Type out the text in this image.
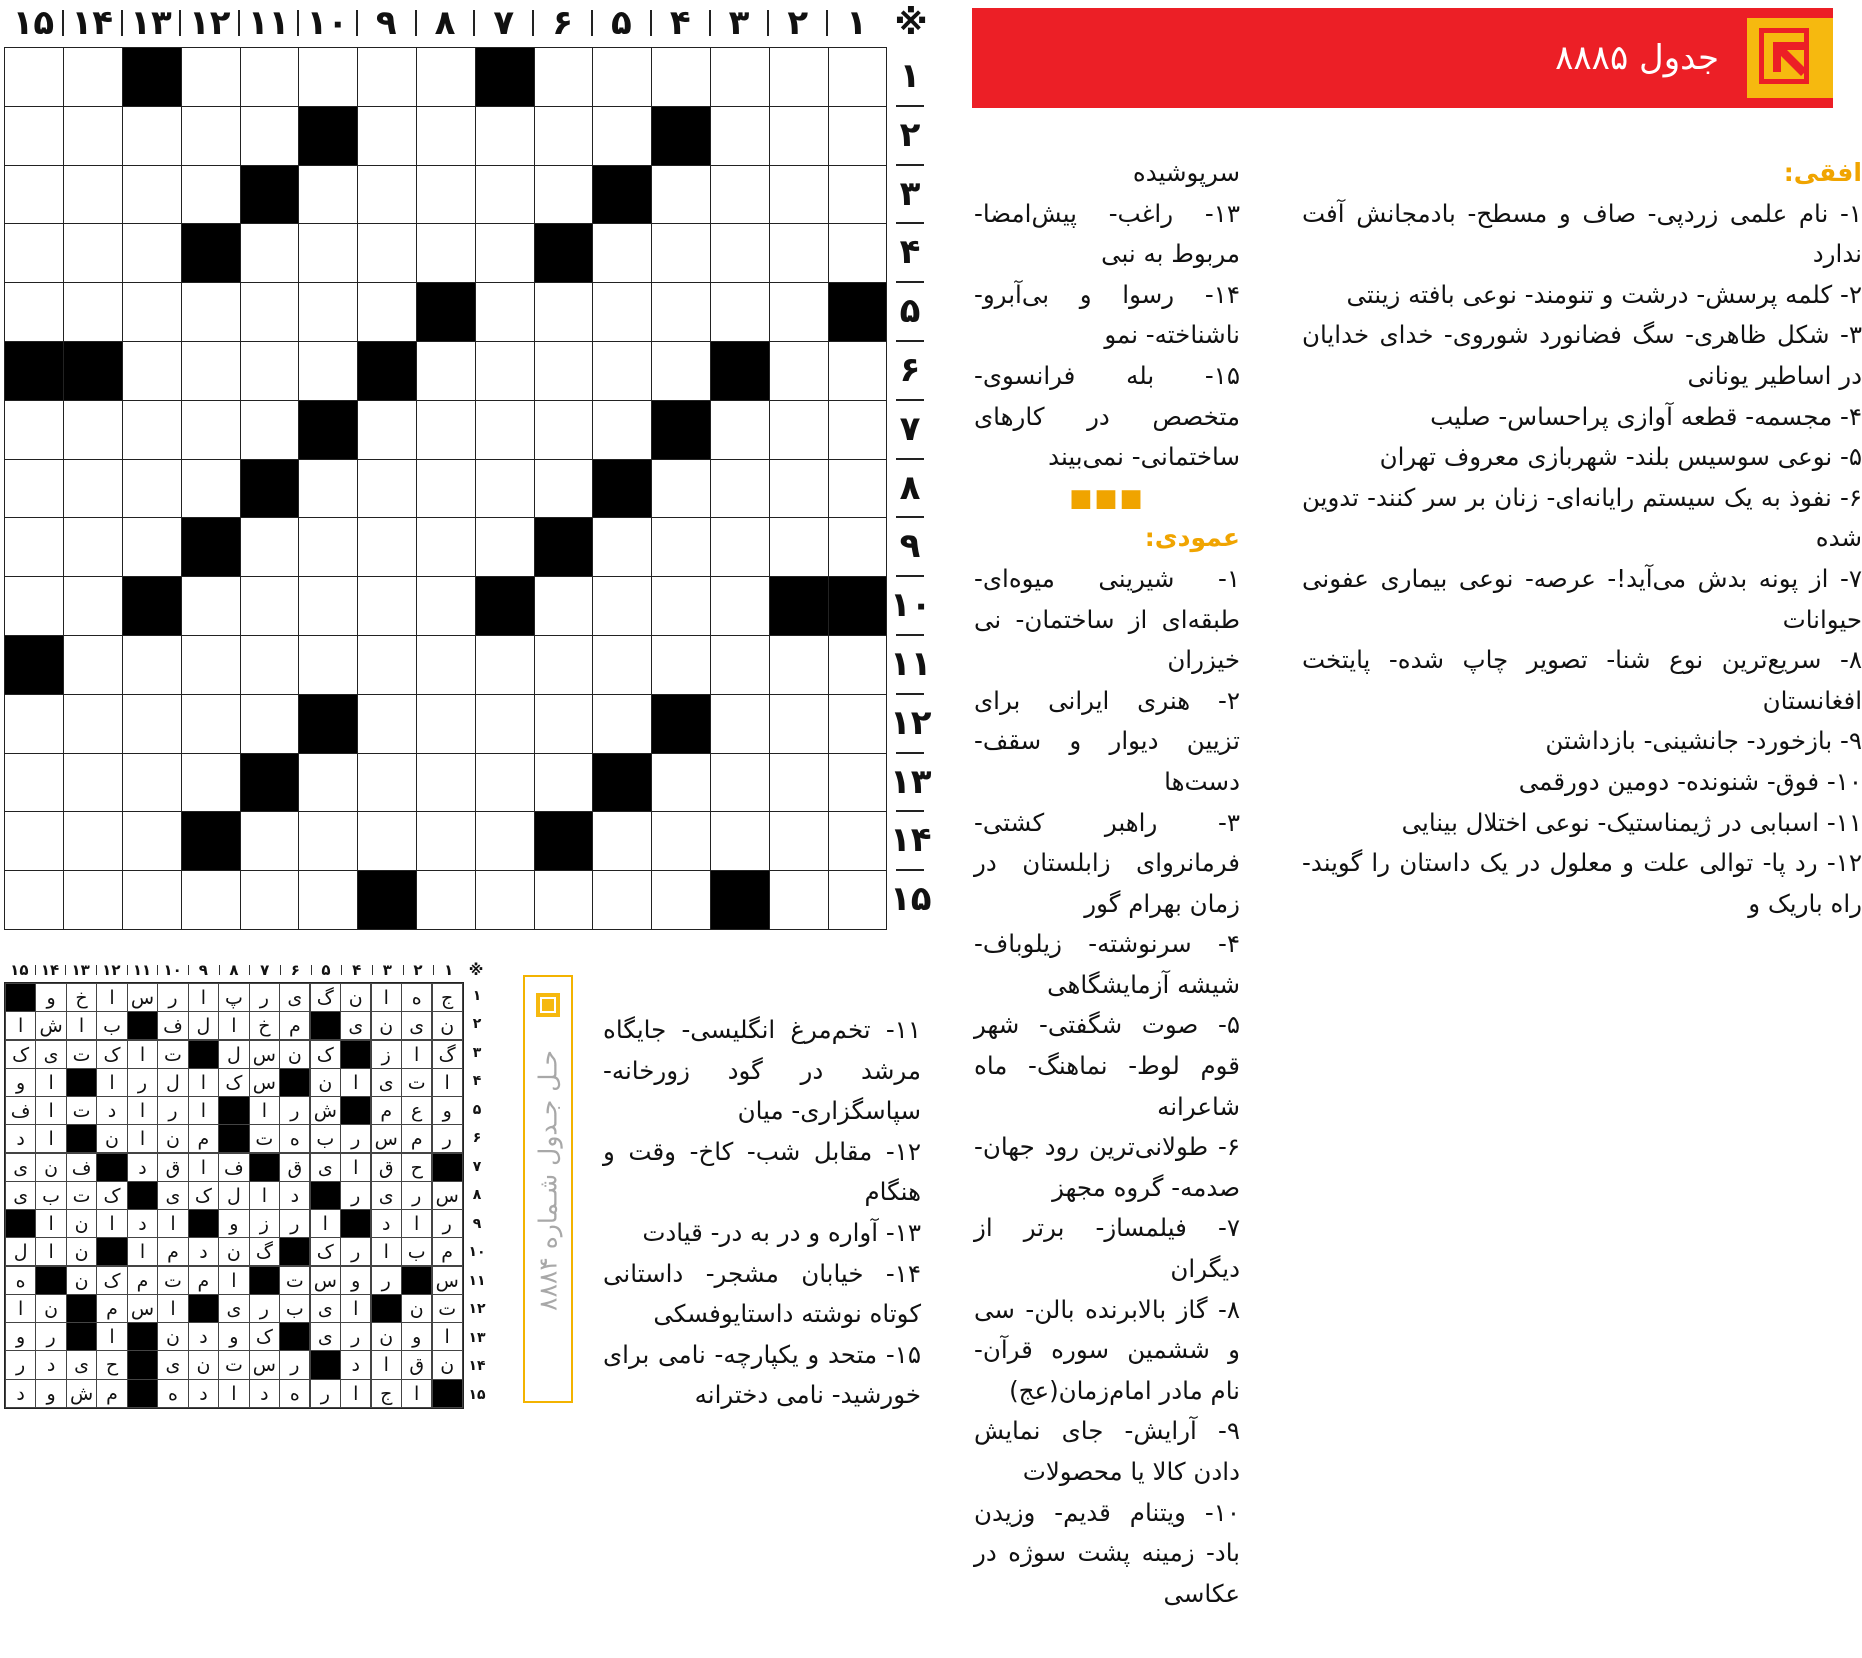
۱
۲
۳
۴
۵
۶
۷
۸
۹
۱۰
۱۱
۱۲
۱۳
۱۴
۱۵	※
۱
۲
۳
۴
۵
۶
۷
۸
۹
۱۰
۱۱
۱۲
۱۳
۱۴
۱۵
جدول ۸۸۸۵

افقی:

۱- نام علمی زردپی- صاف و مسطح- بادمجانش آفت ندارد

۲- کلمه پرسش- درشت و تنومند- نوعی بافته زینتی

۳- شکل ظاهری- سگ فضانورد شوروی- خدای خدایان در اساطیر یونانی

۴- مجسمه- قطعه آوازی پراحساس- صلیب

۵- نوعی سوسیس بلند- شهربازی معروف تهران

۶- نفوذ به یک سیستم رایانه‌ای- زنان بر سر کنند- تدوین شده

۷- از پونه بدش می‌آید!- عرصه- نوعی بیماری عفونی حیوانات

۸- سریع‌ترین نوع شنا- تصویر چاپ شده- پایتخت افغانستان

۹- بازخورد- جانشینی- بازداشتن

۱۰- فوق- شنونده- دومین دورقمی

۱۱- اسبابی در ژیمناستیک- نوعی اختلال بینایی

۱۲- رد پا- توالی علت و معلول در یک داستان را گویند- راه باریک و

سرپوشیده

۱۳- راغب- پیش‌امضا- مربوط به نبی

۱۴- رسوا و بی‌آبرو- ناشناخته- نمو

۱۵- بله فرانسوی- متخصص در کارهای ساختمانی- نمی‌بیند

■■■

عمودی:

۱- شیرینی میوه‌ای- طبقه‌ای از ساختمان- نی خیزران

۲- هنری ایرانی برای تزیین دیوار و سقف- دست‌ها

۳- راهبر کشتی- فرمانروای زابلستان در زمان بهرام گور

۴- سرنوشته- زیلوباف- شیشه آزمایشگاهی

۵- صوت شگفتی- شهر قوم لوط- نماهنگ- ماه شاعرانه

۶- طولانی‌ترین رود جهان- صدمه- گروه مجهز

۷- فیلمساز- برتر از دیگران

۸- گاز بالابرنده بالن- سی و ششمین سوره قرآن- نام مادر امام‌زمان(عج)

۹- آرایش- جای نمایش دادن کالا یا محصولات

۱۰- ویتنام قدیم- وزیدن باد- زمینه پشت سوژه در عکاسی

۱۱- تخم‌مرغ انگلیسی- جایگاه مرشد در گود زورخانه- سپاسگزاری- میان

۱۲- مقابل شب- کاخ- وقت و هنگام

۱۳- آواره و در به در- قیادت

۱۴- خیابان مشجر- داستانی کوتاه نوشته داستایوفسکی

۱۵- متحد و یکپارچه- نامی برای خورشید- نامی دخترانه

۱
۲
۳
۴
۵
۶
۷
۸
۹
۱۰
۱۱
۱۲
۱۳
۱۴
۱۵	※
ج
ه
ا
ن
گ
ی
ر
پ
ا
ر
س
ا
خ
و
ن
ی
ن
ی
م
خ
ا
ل
ف
ب
ا
ش
ا
گ
ا
ز
ک
ن
س
ل
ت
ا
ک
ت
ی
ک
ا
ت
ی
ا
ن
س
ک
ا
ل
ر
ا
ا
و
و
ع
م
ش
ر
ا
ا
ر
ا
د
ت
ا
ف
ر
م
س
ر
ب
ه
ت
م
ن
ا
ن
ا
د
ح
ق
ا
ی
ق
ف
ا
ق
د
ف
ن
ی
س
ر
ی
ر
د
ا
ل
ک
ی
ک
ت
ب
ی
ر
ا
د
ا
ر
ز
و
ا
د
ا
ن
ا
م
ب
ا
ر
ک
گ
ن
د
م
ا
ن
ا
ل
س
ر
و
س
ت
ا
م
ت
م
ک
ن
ه
ت
ن
ا
ی
ب
ر
ی
ا
س
م
ن
ا
ا
و
ن
ر
ی
ک
و
د
ن
ا
ر
و
ن
ق
ا
د
ر
س
ت
ن
ی
ح
ی
د
ر
ا
ج
ا
ر
ه
د
ا
د
ه
م
ش
و
د
۱
۲
۳
۴
۵
۶
۷
۸
۹
۱۰
۱۱
۱۲
۱۳
۱۴
۱۵
حـل جـدول شـماره ۸۸۸۴
